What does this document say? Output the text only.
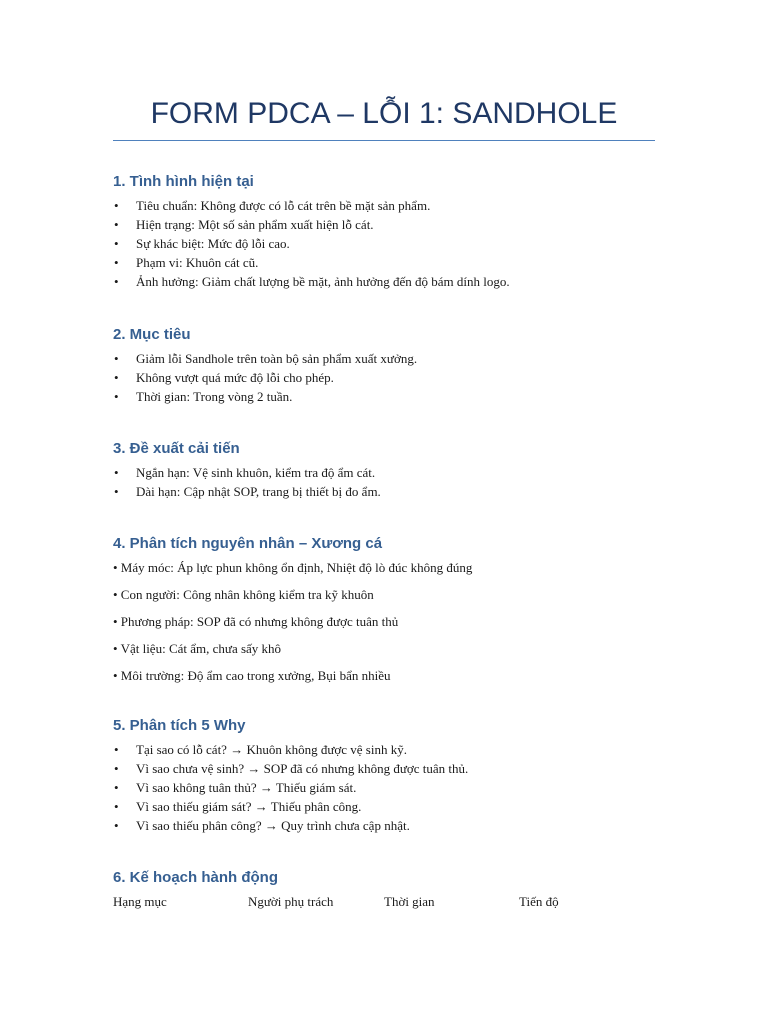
FORM PDCA – LỖI 1: SANDHOLE
1. Tình hình hiện tại
• Tiêu chuẩn: Không được có lỗ cát trên bề mặt sản phẩm.
• Hiện trạng: Một số sản phẩm xuất hiện lỗ cát.
• Sự khác biệt: Mức độ lỗi cao.
• Phạm vi: Khuôn cát cũ.
• Ảnh hưởng: Giảm chất lượng bề mặt, ảnh hưởng đến độ bám dính logo.
2. Mục tiêu
• Giảm lỗi Sandhole trên toàn bộ sản phẩm xuất xưởng.
• Không vượt quá mức độ lỗi cho phép.
• Thời gian: Trong vòng 2 tuần.
3. Đề xuất cải tiến
• Ngắn hạn: Vệ sinh khuôn, kiểm tra độ ẩm cát.
• Dài hạn: Cập nhật SOP, trang bị thiết bị đo ẩm.
4. Phân tích nguyên nhân – Xương cá

• Máy móc: Áp lực phun không ổn định, Nhiệt độ lò đúc không đúng

• Con người: Công nhân không kiểm tra kỹ khuôn

• Phương pháp: SOP đã có nhưng không được tuân thủ

• Vật liệu: Cát ẩm, chưa sấy khô

• Môi trường: Độ ẩm cao trong xưởng, Bụi bẩn nhiều

5. Phân tích 5 Why
• Tại sao có lỗ cát? → Khuôn không được vệ sinh kỹ.
• Vì sao chưa vệ sinh? → SOP đã có nhưng không được tuân thủ.
• Vì sao không tuân thủ? → Thiếu giám sát.
• Vì sao thiếu giám sát? → Thiếu phân công.
• Vì sao thiếu phân công? → Quy trình chưa cập nhật.
6. Kế hoạch hành động
Hạng mục	Người phụ trách	Thời gian	Tiến độ
